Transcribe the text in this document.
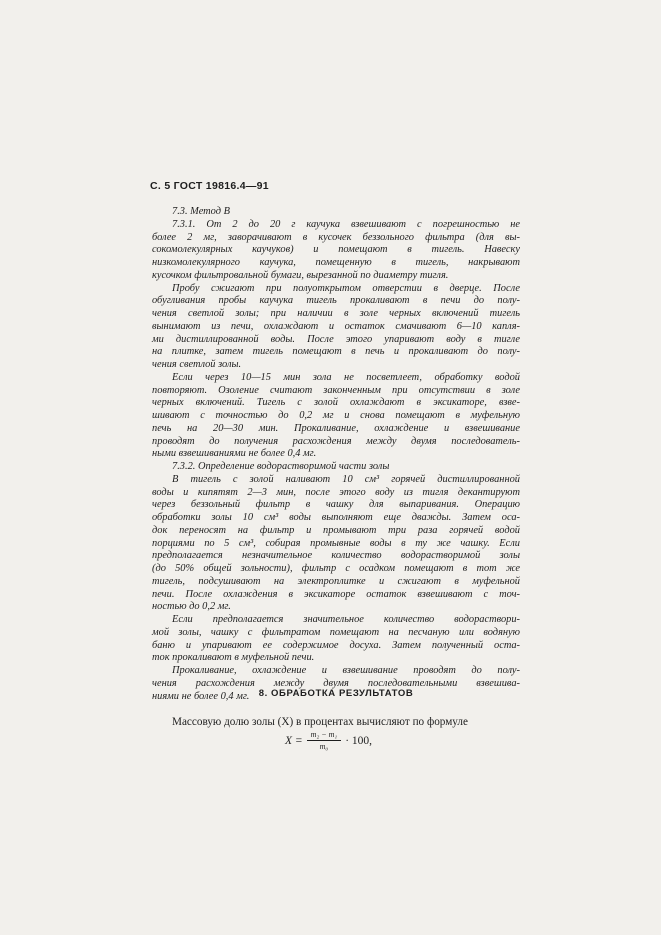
С. 5 ГОСТ 19816.4—91
7.3. Метод В
7.3.1. От 2 до 20 г каучука взвешивают с погрешностью не
более 2 мг, заворачивают в кусочек беззольного фильтра (для вы-
сокомолекулярных каучуков) и помещают в тигель. Навеску
низкомолекулярного каучука, помещенную в тигель, накрывают
кусочком фильтровальной бумаги, вырезанной по диаметру тигля.
Пробу сжигают при полуоткрытом отверстии в дверце. После
обугливания пробы каучука тигель прокаливают в печи до полу-
чения светлой золы; при наличии в золе черных включений тигель
вынимают из печи, охлаждают и остаток смачивают 6—10 капля-
ми дистиллированной воды. После этого упаривают воду в тигле
на плитке, затем тигель помещают в печь и прокаливают до полу-
чения светлой золы.
Если через 10—15 мин зола не посветлеет, обработку водой
повторяют. Озоление считают законченным при отсутствии в золе
черных включений. Тигель с золой охлаждают в эксикаторе, взве-
шивают с точностью до 0,2 мг и снова помещают в муфельную
печь на 20—30 мин. Прокаливание, охлаждение и взвешивание
проводят до получения расхождения между двумя последователь-
ными взвешиваниями не более 0,4 мг.
7.3.2. Определение водорастворимой части золы
В тигель с золой наливают 10 см³ горячей дистиллированной
воды и кипятят 2—3 мин, после этого воду из тигля декантируют
через беззольный фильтр в чашку для выпаривания. Операцию
обработки золы 10 см³ воды выполняют еще дважды. Затем оса-
док переносят на фильтр и промывают три раза горячей водой
порциями по 5 см³, собирая промывные воды в ту же чашку. Если
предполагается незначительное количество водорастворимой золы
(до 50% общей зольности), фильтр с осадком помещают в тот же
тигель, подсушивают на электроплитке и сжигают в муфельной
печи. После охлаждения в эксикаторе остаток взвешивают с точ-
ностью до 0,2 мг.
Если предполагается значительное количество водораствори-
мой золы, чашку с фильтратом помещают на песчаную или водяную
баню и упаривают ее содержимое досуха. Затем полученный остa-
ток прокаливают в муфельной печи.
Прокаливание, охлаждение и взвешивание проводят до полу-
чения расхождения между двумя последовательными взвешива-
ниями не более 0,4 мг. 8. ОБРАБОТКА РЕЗУЛЬТАТОВ
Массовую долю золы (X) в процентах вычисляют по формуле
$X = \frac{\text{m₂ − m₁}}{\text{m₀}} \cdot 100$,
